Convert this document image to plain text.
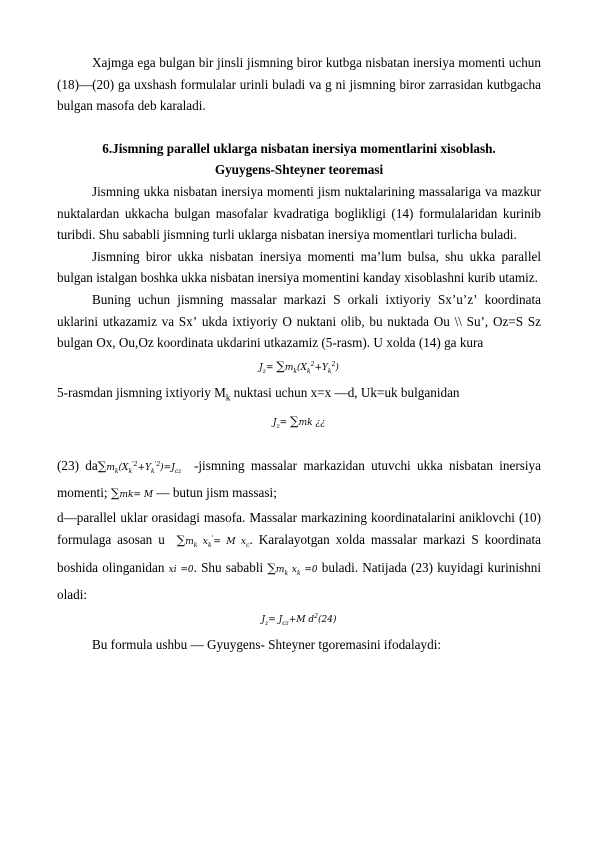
Xajmga ega bulgan bir jinsli jismning biror kutbga nisbatan inersiya momenti uchun (18)—(20) ga uxshash formulalar urinli buladi va g ni jismning biror zarrasidan kutbgacha bulgan masofa deb karaladi.

6.Jismning parallel uklarga nisbatan inersiya momentlarini xisoblash.

Gyuygens-Shteyner teoremasi

Jismning ukka nisbatan inersiya momenti jism nuktalarining massalariga va mazkur nuktalardan ukkacha bulgan masofalar kvadratiga boglikligi (14) formulalaridan kurinib turibdi. Shu sababli jismning turli uklarga nisbatan inersiya momentlari turlicha buladi.

Jismning biror ukka nisbatan inersiya momenti maʼlum bulsa, shu ukka parallel bulgan istalgan boshka ukka nisbatan inersiya momentini kanday xisoblashni kurib utamiz.

Buning uchun jismning massalar markazi S orkali ixtiyoriy Sxʼuʼzʼ koordinata uklarini utkazamiz va Sxʼ ukda ixtiyoriy O nuktani olib, bu nuktada Ou \\ Suʼ, Oz=S Sz bulgan Ox, Ou,Oz koordinata ukdarini utkazamiz (5-rasm). U xolda (14) ga kura

$J_z= \sum m_k(X_k^2+Y_k^2)$

5-rasmdan jismning ixtiyoriy $M_k$ nuktasi uchun x=x —d, Uk=uk bulganidan

$J_z= \sum mk$ ¿¿

(23) $da\sum m_k(X_k^{'2}+Y_k^{'2})=J_{cz}$ -jismning massalar markazidan utuvchi ukka nisbatan inersiya momenti; ∑mk= M — butun jism massasi;

d—parallel uklar orasidagi masofa. Massalar markazining koordinatalarini aniklovchi (10) formulaga asosan u $\sum m_k$ $x_k'= M$ $x_c$. Karalayotgan xolda massalar markazi S koordinata boshida olinganidan xi =0. Shu sababli $\sum m_k$ $x_k =0$ buladi. Natijada (23) kuyidagi kurinishni oladi:

$J_z= J_{cz}+M$ $d^2(24)$

Bu formula ushbu — Gyuygens- Shteyner tgoremasini ifodalaydi:
